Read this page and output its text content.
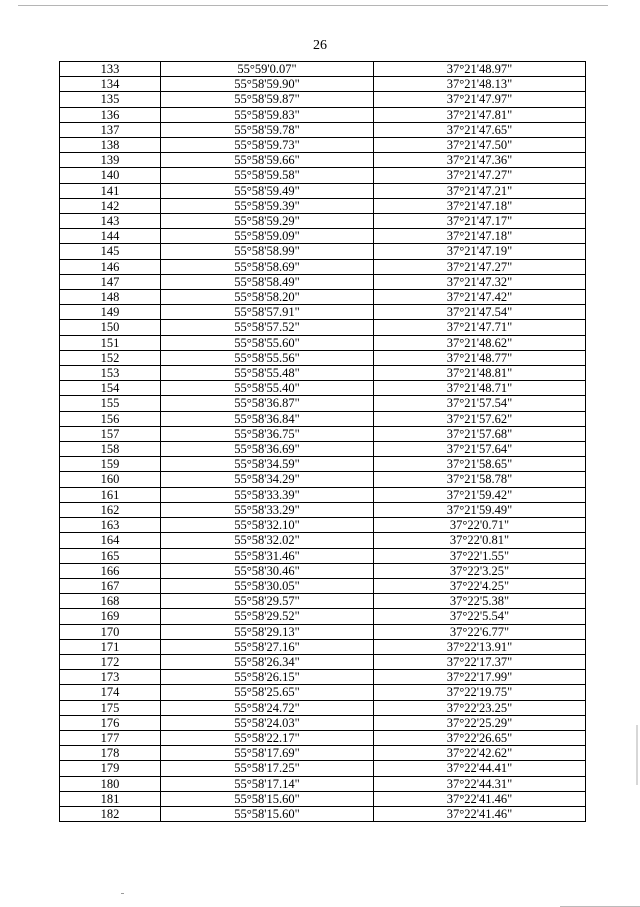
26
133	55°59'0.07"	37°21'48.97"
134	55°58'59.90"	37°21'48.13"
135	55°58'59.87"	37°21'47.97"
136	55°58'59.83"	37°21'47.81"
137	55°58'59.78"	37°21'47.65"
138	55°58'59.73"	37°21'47.50"
139	55°58'59.66"	37°21'47.36"
140	55°58'59.58"	37°21'47.27"
141	55°58'59.49"	37°21'47.21"
142	55°58'59.39"	37°21'47.18"
143	55°58'59.29"	37°21'47.17"
144	55°58'59.09"	37°21'47.18"
145	55°58'58.99"	37°21'47.19"
146	55°58'58.69"	37°21'47.27"
147	55°58'58.49"	37°21'47.32"
148	55°58'58.20"	37°21'47.42"
149	55°58'57.91"	37°21'47.54"
150	55°58'57.52"	37°21'47.71"
151	55°58'55.60"	37°21'48.62"
152	55°58'55.56"	37°21'48.77"
153	55°58'55.48"	37°21'48.81"
154	55°58'55.40"	37°21'48.71"
155	55°58'36.87"	37°21'57.54"
156	55°58'36.84"	37°21'57.62"
157	55°58'36.75"	37°21'57.68"
158	55°58'36.69"	37°21'57.64"
159	55°58'34.59"	37°21'58.65"
160	55°58'34.29"	37°21'58.78"
161	55°58'33.39"	37°21'59.42"
162	55°58'33.29"	37°21'59.49"
163	55°58'32.10"	37°22'0.71"
164	55°58'32.02"	37°22'0.81"
165	55°58'31.46"	37°22'1.55"
166	55°58'30.46"	37°22'3.25"
167	55°58'30.05"	37°22'4.25"
168	55°58'29.57"	37°22'5.38"
169	55°58'29.52"	37°22'5.54"
170	55°58'29.13"	37°22'6.77"
171	55°58'27.16"	37°22'13.91"
172	55°58'26.34"	37°22'17.37"
173	55°58'26.15"	37°22'17.99"
174	55°58'25.65"	37°22'19.75"
175	55°58'24.72"	37°22'23.25"
176	55°58'24.03"	37°22'25.29"
177	55°58'22.17"	37°22'26.65"
178	55°58'17.69"	37°22'42.62"
179	55°58'17.25"	37°22'44.41"
180	55°58'17.14"	37°22'44.31"
181	55°58'15.60"	37°22'41.46"
182	55°58'15.60"	37°22'41.46"
